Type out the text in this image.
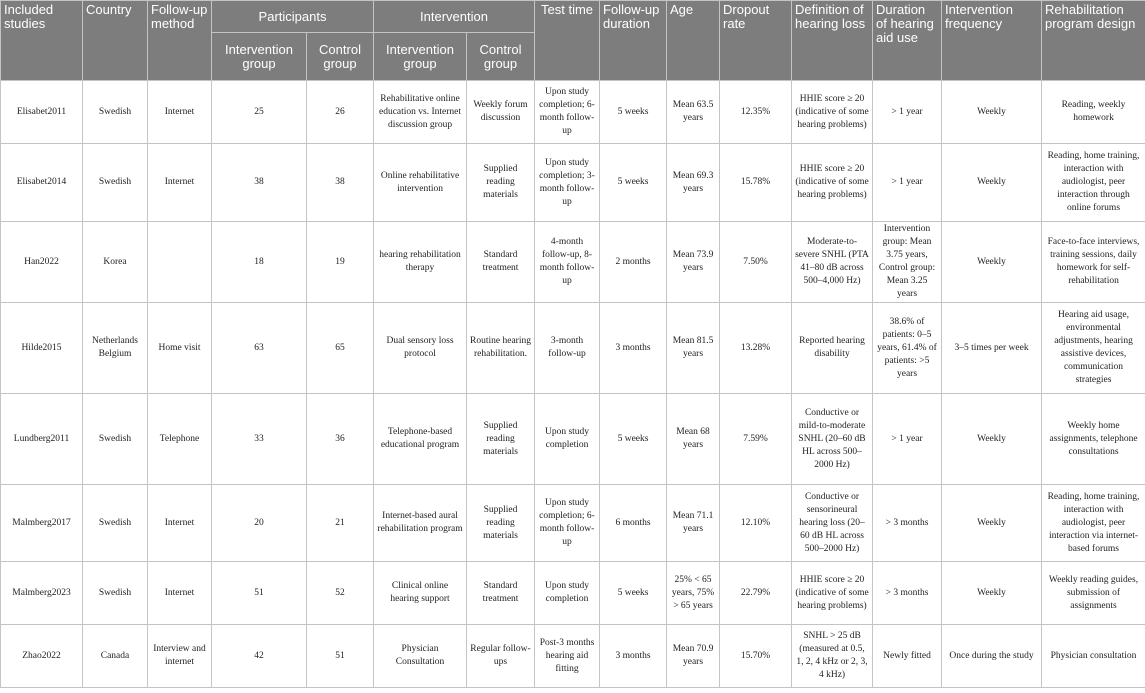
Included studies	Country	Follow-up method	Participants		Intervention		Test time	Follow-up duration	Age	Dropout rate	Definition of hearing loss	Duration of hearing aid use	Intervention frequency	Rehabilitation program design
			Intervention group	Control group	Intervention group	Control group								
Elisabet2011	Swedish	Internet	25	26	Rehabilitative online education vs. Internet discussion group	Weekly forum discussion	Upon study completion; 6-month follow-up	5 weeks	Mean 63.5 years	12.35%	HHIE score ≥ 20 (indicative of some hearing problems)	> 1 year	Weekly	Reading, weekly homework
Elisabet2014	Swedish	Internet	38	38	Online rehabilitative intervention	Supplied reading materials	Upon study completion; 3-month follow-up	5 weeks	Mean 69.3 years	15.78%	HHIE score ≥ 20 (indicative of some hearing problems)	> 1 year	Weekly	Reading, home training, interaction with audiologist, peer interaction through online forums
Han2022	Korea		18	19	hearing rehabilitation therapy	Standard treatment	4-month follow-up, 8-month follow-up	2 months	Mean 73.9 years	7.50%	Moderate-to-severe SNHL (PTA 41–80 dB across 500–4,000 Hz)	Intervention group: Mean 3.75 years, Control group: Mean 3.25 years	Weekly	Face-to-face interviews, training sessions, daily homework for self-rehabilitation
Hilde2015	Netherlands Belgium	Home visit	63	65	Dual sensory loss protocol	Routine hearing rehabilitation.	3-month follow-up	3 months	Mean 81.5 years	13.28%	Reported hearing disability	38.6% of patients: 0–5 years, 61.4% of patients: >5 years	3–5 times per week	Hearing aid usage, environmental adjustments, hearing assistive devices, communication strategies
Lundberg2011	Swedish	Telephone	33	36	Telephone-based educational program	Supplied reading materials	Upon study completion	5 weeks	Mean 68 years	7.59%	Conductive or mild-to-moderate SNHL (20–60 dB HL across 500–2000 Hz)	> 1 year	Weekly	Weekly home assignments, telephone consultations
Malmberg2017	Swedish	Internet	20	21	Internet-based aural rehabilitation program	Supplied reading materials	Upon study completion; 6-month follow-up	6 months	Mean 71.1 years	12.10%	Conductive or sensorineural hearing loss (20–60 dB HL across 500–2000 Hz)	> 3 months	Weekly	Reading, home training, interaction with audiologist, peer interaction via internet-based forums
Malmberg2023	Swedish	Internet	51	52	Clinical online hearing support	Standard treatment	Upon study completion	5 weeks	25% < 65 years, 75% > 65 years	22.79%	HHIE score ≥ 20 (indicative of some hearing problems)	> 3 months	Weekly	Weekly reading guides, submission of assignments
Zhao2022	Canada	Interview and internet	42	51	Physician Consultation	Regular follow-ups	Post-3 months hearing aid fitting	3 months	Mean 70.9 years	15.70%	SNHL > 25 dB (measured at 0.5, 1, 2, 4 kHz or 2, 3, 4 kHz)	Newly fitted	Once during the study	Physician consultation
